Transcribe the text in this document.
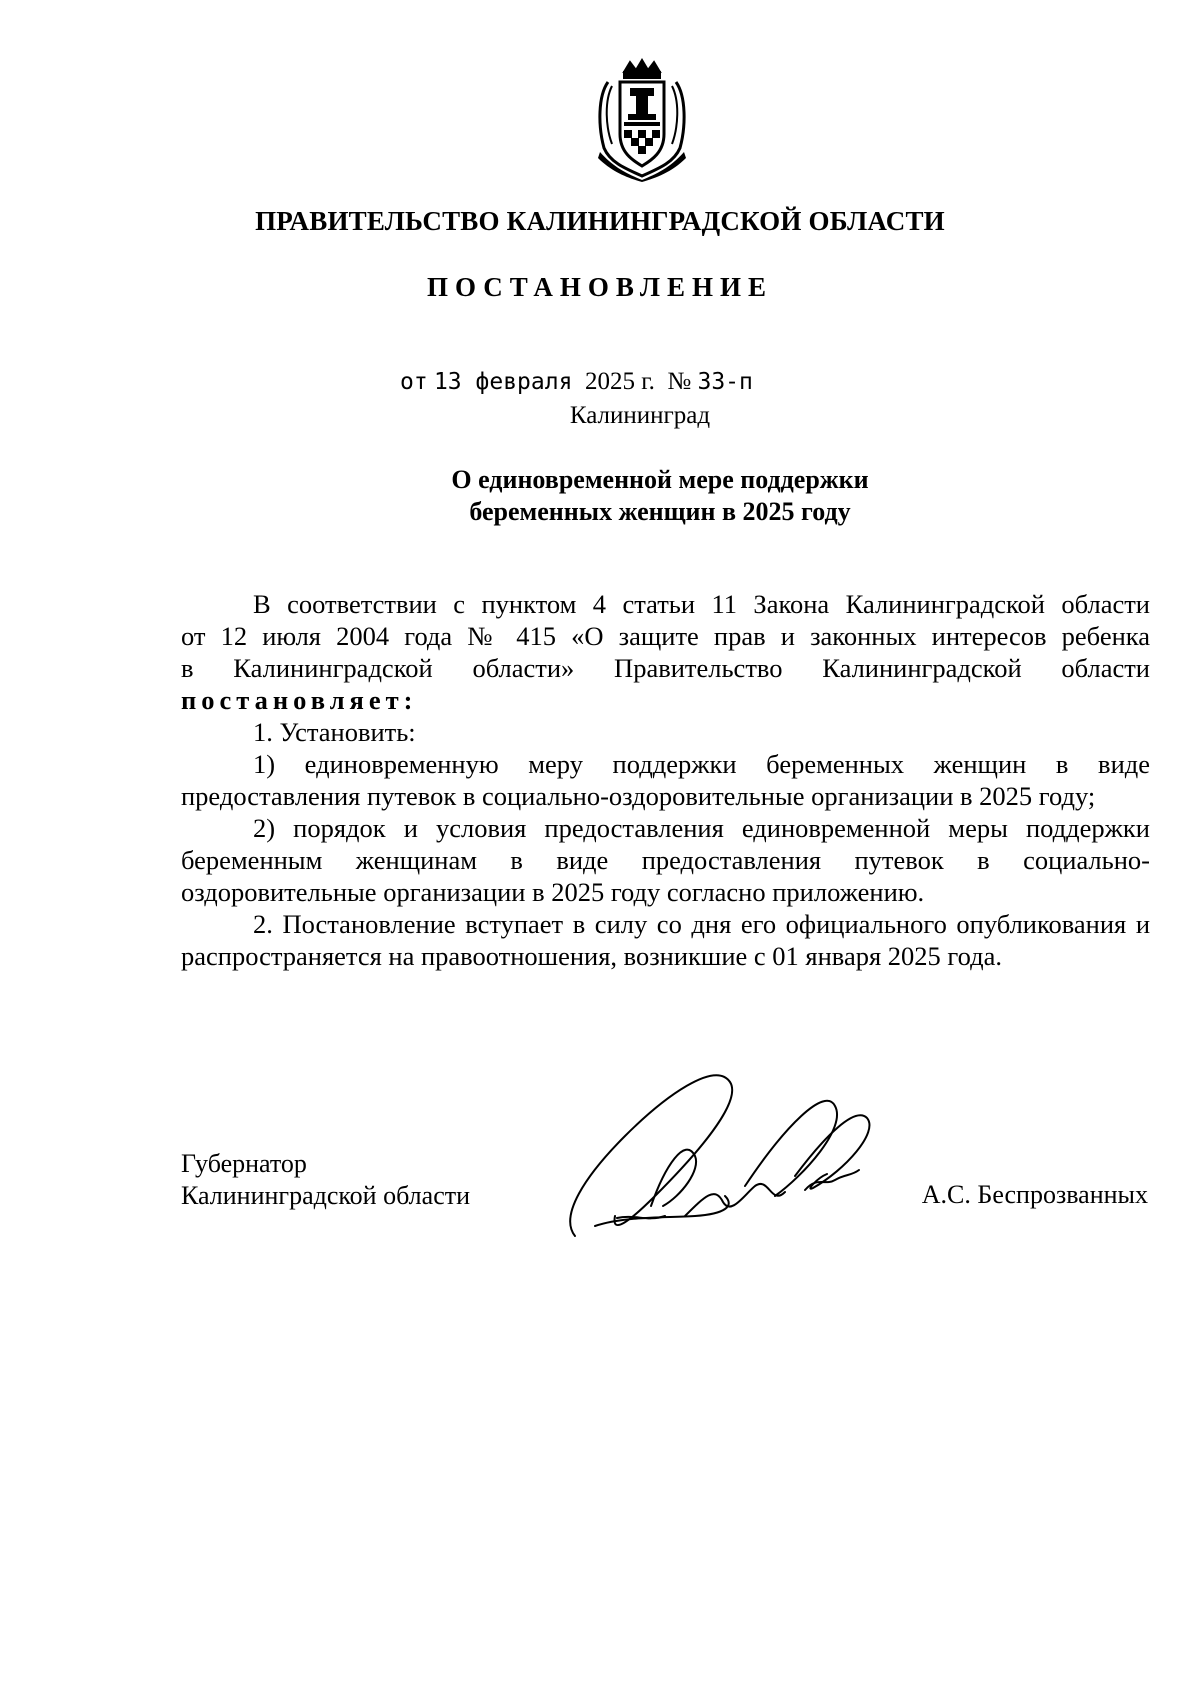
ПРАВИТЕЛЬСТВО КАЛИНИНГРАДСКОЙ ОБЛАСТИ
ПОСТАНОВЛЕНИЕ
от 13 февраля 2025 г. № 33-п
Калининград
О единовременной мере поддержки
беременных женщин в 2025 году

В соответствии с пунктом 4 статьи 11 Закона Калининградской области

от 12 июля 2004 года № 415 «О защите прав и законных интересов ребенка

в Калининградской области» Правительство Калининградской области

постановляет:

1. Установить:

1) единовременную меру поддержки беременных женщин в виде предоставления путевок в социально-оздоровительные организации в 2025 году;

2) порядок и условия предоставления единовременной меры поддержки беременным женщинам в виде предоставления путевок в социально-оздоровительные организации в 2025 году согласно приложению.

2. Постановление вступает в силу со дня его официального опубликования и распространяется на правоотношения, возникшие с 01 января 2025 года.

Губернатор
Калининградской области	А.С. Беспрозванных
